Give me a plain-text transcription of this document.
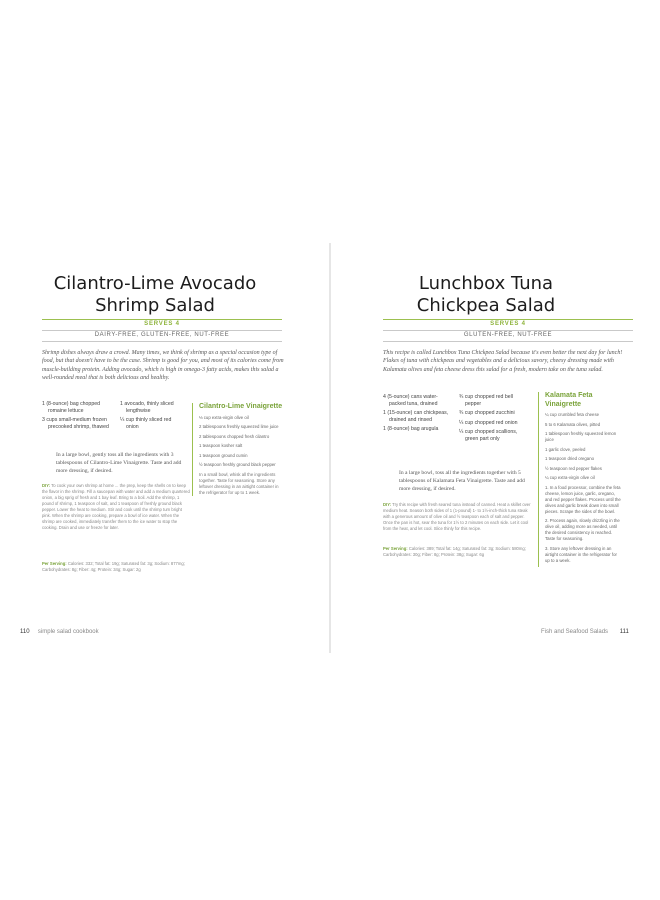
Cilantro-Lime Avocado
Shrimp Salad
SERVES 4
DAIRY-FREE, GLUTEN-FREE, NUT-FREE
Shrimp dishes always draw a crowd. Many times, we think of shrimp as a special occasion type of food, but that doesn't have to be the case. Shrimp is good for you, and most of its calories come from muscle-building protein. Adding avocado, which is high in omega-3 fatty acids, makes this salad a well-rounded meal that is both delicious and healthy.
1 (8-ounce) bag chopped romaine lettuce
3 cups small-medium frozen precooked shrimp, thawed
1 avocado, thinly sliced lengthwise
¼ cup thinly sliced red onion
Cilantro-Lime Vinaigrette
⅓ cup extra-virgin olive oil
2 tablespoons freshly squeezed lime juice
2 tablespoons chopped fresh cilantro
1 teaspoon kosher salt
1 teaspoon ground cumin
½ teaspoon freshly ground black pepper
In a small bowl, whisk all the ingredients together. Taste for seasoning. Store any leftover dressing in an airtight container in the refrigerator for up to 1 week.
In a large bowl, gently toss all the ingredients with 3 tablespoons of Cilantro-Lime Vinaigrette. Taste and add more dressing, if desired.
DIY: To cook your own shrimp at home ... the prep, keep the shells on to keep the flavor in the shrimp. Fill a saucepan with water and add a medium quartered onion, a big sprig of fresh and 1 bay leaf. Bring to a boil. Add the shrimp, 1 pound of shrimp, 1 teaspoon of salt, and 1 teaspoon of freshly ground black pepper. Lower the heat to medium. Stir and cook until the shrimp turn bright pink. When the shrimp are cooking, prepare a bowl of ice water. When the shrimp are cooked, immediately transfer them to the ice water to stop the cooking. Drain and use or freeze for later.
Per Serving: Calories: 332; Total fat: 19g; Saturated fat: 3g; Sodium: 877mg; Carbohydrates: 8g; Fiber: 4g; Protein: 34g; Sugar: 2g
110 simple salad cookbook
Lunchbox Tuna
Chickpea Salad
SERVES 4
GLUTEN-FREE, NUT-FREE
This recipe is called Lunchbox Tuna Chickpea Salad because it's even better the next day for lunch! Flakes of tuna with chickpeas and vegetables and a delicious savory, cheesy dressing made with Kalamata olives and feta cheese dress this salad for a fresh, modern take on the tuna salad.
4 (5-ounce) cans water-packed tuna, drained
1 (15-ounce) can chickpeas, drained and rinsed
1 (8-ounce) bag arugula
¾ cup chopped red bell pepper
¾ cup chopped zucchini
¼ cup chopped red onion
¼ cup chopped scallions, green part only
Kalamata Feta Vinaigrette
¼ cup crumbled feta cheese
5 to 6 Kalamata olives, pitted
1 tablespoon freshly squeezed lemon juice
1 garlic clove, peeled
1 teaspoon dried oregano
½ teaspoon red pepper flakes
¼ cup extra-virgin olive oil
1. In a food processor, combine the feta cheese, lemon juice, garlic, oregano, and red pepper flakes. Process until the olives and garlic break down into small pieces. Scrape the sides of the bowl.
2. Process again, slowly drizzling in the olive oil, adding more as needed, until the desired consistency is reached. Taste for seasoning.
3. Store any leftover dressing in an airtight container in the refrigerator for up to a week.
In a large bowl, toss all the ingredients together with 5 tablespoons of Kalamata Feta Vinaigrette. Taste and add more dressing, if desired.
DIY: Try this recipe with fresh seared tuna instead of canned. Heat a skillet over medium heat. Season both sides of 1 (1-pound) 1- to 1½-inch-thick tuna steak with a generous amount of olive oil and ½ teaspoon each of salt and pepper. Once the pan is hot, sear the tuna for 1½ to 2 minutes on each side. Let it cool from the heat, and let cool. Slice thinly for this recipe.
Per Serving: Calories: 389; Total fat: 14g; Saturated fat: 3g; Sodium: 580mg; Carbohydrates: 30g; Fiber: 8g; Protein: 38g; Sugar: 6g
Fish and Seafood Salads 111
